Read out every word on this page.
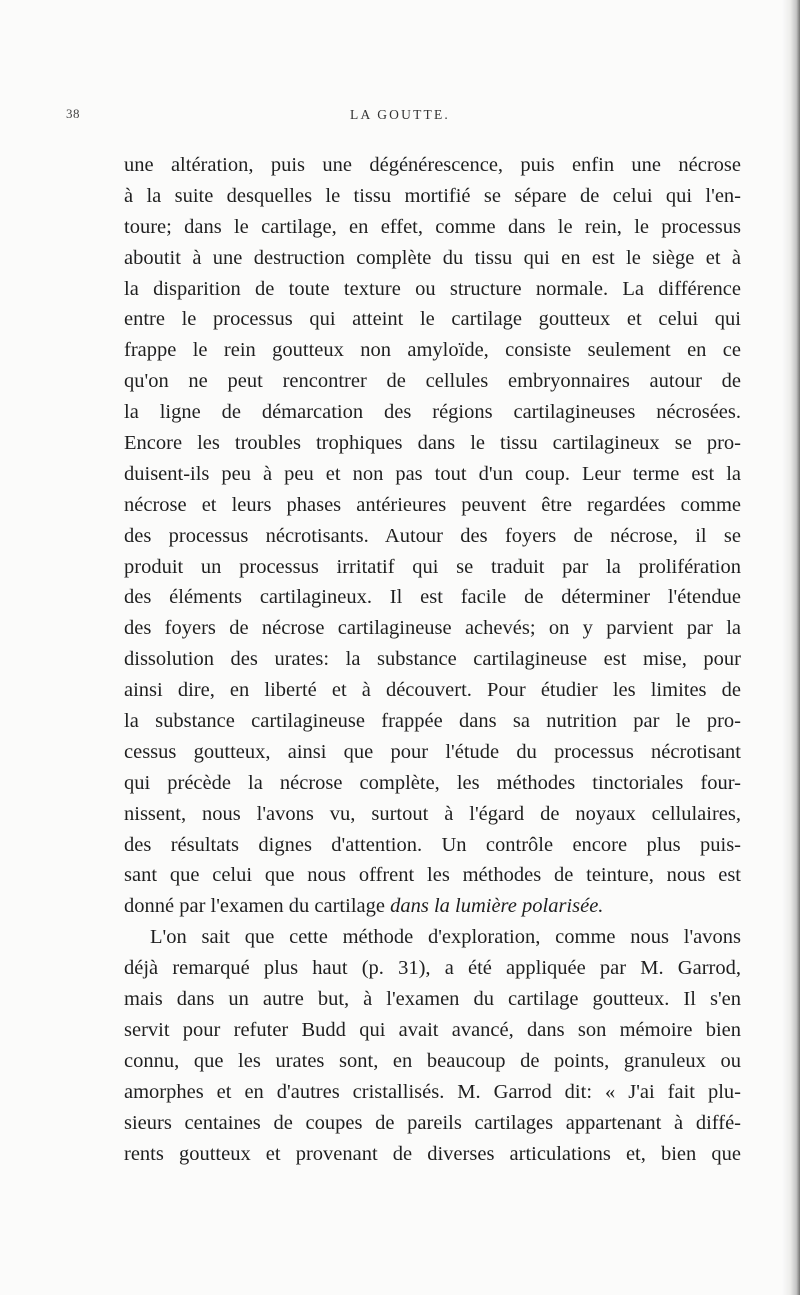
38	LA GOUTTE.
une altération, puis une dégénérescence, puis enfin une nécrose
à la suite desquelles le tissu mortifié se sépare de celui qui l'en-
toure; dans le cartilage, en effet, comme dans le rein, le processus
aboutit à une destruction complète du tissu qui en est le siège et à
la disparition de toute texture ou structure normale. La différence
entre le processus qui atteint le cartilage goutteux et celui qui
frappe le rein goutteux non amyloïde, consiste seulement en ce
qu'on ne peut rencontrer de cellules embryonnaires autour de
la ligne de démarcation des régions cartilagineuses nécrosées.
Encore les troubles trophiques dans le tissu cartilagineux se pro-
duisent-ils peu à peu et non pas tout d'un coup. Leur terme est la
nécrose et leurs phases antérieures peuvent être regardées comme
des processus nécrotisants. Autour des foyers de nécrose, il se
produit un processus irritatif qui se traduit par la prolifération
des éléments cartilagineux. Il est facile de déterminer l'étendue
des foyers de nécrose cartilagineuse achevés; on y parvient par la
dissolution des urates: la substance cartilagineuse est mise, pour
ainsi dire, en liberté et à découvert. Pour étudier les limites de
la substance cartilagineuse frappée dans sa nutrition par le pro-
cessus goutteux, ainsi que pour l'étude du processus nécrotisant
qui précède la nécrose complète, les méthodes tinctoriales four-
nissent, nous l'avons vu, surtout à l'égard de noyaux cellulaires,
des résultats dignes d'attention. Un contrôle encore plus puis-
sant que celui que nous offrent les méthodes de teinture, nous est
donné par l'examen du cartilage dans la lumière polarisée.
L'on sait que cette méthode d'exploration, comme nous l'avons
déjà remarqué plus haut (p. 31), a été appliquée par M. Garrod,
mais dans un autre but, à l'examen du cartilage goutteux. Il s'en
servit pour refuter Budd qui avait avancé, dans son mémoire bien
connu, que les urates sont, en beaucoup de points, granuleux ou
amorphes et en d'autres cristallisés. M. Garrod dit: « J'ai fait plu-
sieurs centaines de coupes de pareils cartilages appartenant à diffé-
rents goutteux et provenant de diverses articulations et, bien que
